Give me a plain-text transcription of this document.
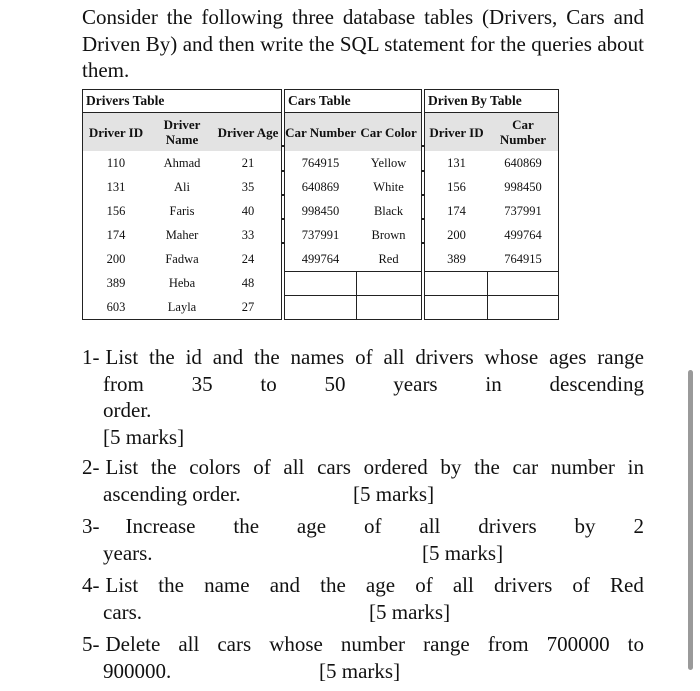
Consider the following three database tables (Drivers, Cars and Driven By) and then write the SQL statement for the queries about them.

Drivers Table		
Driver ID	Driver Name	Driver Age
110	Ahmad	21
131	Ali	35
156	Faris	40
174	Maher	33
200	Fadwa	24
389	Heba	48
603	Layla	27
Cars Table	
Car Number	Car Color
764915	Yellow
640869	White
998450	Black
737991	Brown
499764	Red

Driven By Table	
Driver ID	Car Number
131	640869
156	998450
174	737991
200	499764
389	764915

1- List the id and the names of all drivers whose ages range
from 35 to 50 years in descending
order.
[5 marks]
2- List the colors of all cars ordered by the car number in
ascending order.	[5 marks]
3- Increase the age of all drivers by 2
years.	[5 marks]
4- List the name and the age of all drivers of Red
cars.	[5 marks]
5- Delete all cars whose number range from 700000 to
900000.	[5 marks]
